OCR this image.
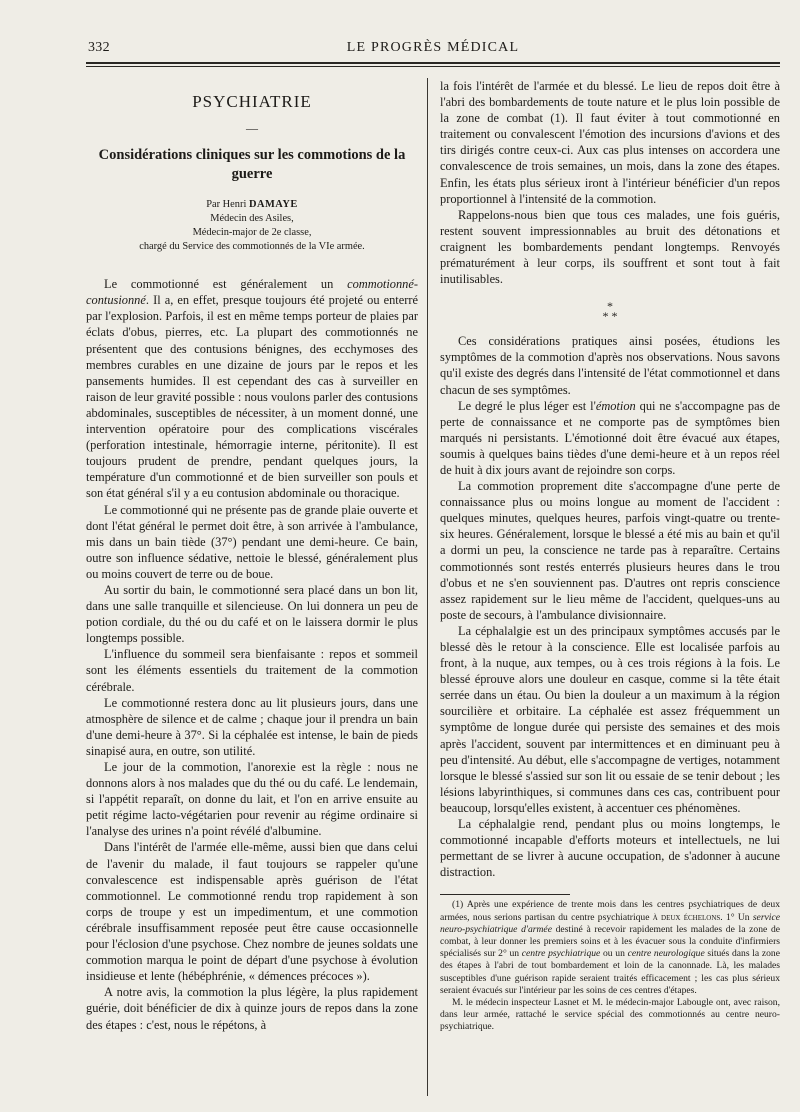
332	LE PROGRÈS MÉDICAL
PSYCHIATRIE
—
Considérations cliniques sur les commotions de la guerre
Par Henri DAMAYE
Médecin des Asiles,
Médecin-major de 2e classe,
chargé du Service des commotionnés de la VIe armée.

Le commotionné est généralement un commotionné-contusionné. Il a, en effet, presque toujours été projeté ou enterré par l'explosion. Parfois, il est en même temps porteur de plaies par éclats d'obus, pierres, etc. La plupart des commotionnés ne présentent que des contusions bénignes, des ecchymoses des membres curables en une dizaine de jours par le repos et les pansements humides. Il est cependant des cas à surveiller en raison de leur gravité possible : nous voulons parler des contusions abdominales, susceptibles de nécessiter, à un moment donné, une intervention opératoire pour des complications viscérales (perforation intestinale, hémorragie interne, péritonite). Il est toujours prudent de prendre, pendant quelques jours, la température d'un commotionné et de bien surveiller son pouls et son état général s'il y a eu contusion abdominale ou thoracique.

Le commotionné qui ne présente pas de grande plaie ouverte et dont l'état général le permet doit être, à son arrivée à l'ambulance, mis dans un bain tiède (37°) pendant une demi-heure. Ce bain, outre son influence sédative, nettoie le blessé, généralement plus ou moins couvert de terre ou de boue.

Au sortir du bain, le commotionné sera placé dans un bon lit, dans une salle tranquille et silencieuse. On lui donnera un peu de potion cordiale, du thé ou du café et on le laissera dormir le plus longtemps possible.

L'influence du sommeil sera bienfaisante : repos et sommeil sont les éléments essentiels du traitement de la commotion cérébrale.

Le commotionné restera donc au lit plusieurs jours, dans une atmosphère de silence et de calme ; chaque jour il prendra un bain d'une demi-heure à 37°. Si la céphalée est intense, le bain de pieds sinapisé aura, en outre, son utilité.

Le jour de la commotion, l'anorexie est la règle : nous ne donnons alors à nos malades que du thé ou du café. Le lendemain, si l'appétit reparaît, on donne du lait, et l'on en arrive ensuite au petit régime lacto-végétarien pour revenir au régime ordinaire si l'analyse des urines n'a point révélé d'albumine.

Dans l'intérêt de l'armée elle-même, aussi bien que dans celui de l'avenir du malade, il faut toujours se rappeler qu'une convalescence est indispensable après guérison de l'état commotionnel. Le commotionné rendu trop rapidement à son corps de troupe y est un impedimentum, et une commotion cérébrale insuffisamment reposée peut être cause occasionnelle pour l'éclosion d'une psychose. Chez nombre de jeunes soldats une commotion marqua le point de départ d'une psychose à évolution insidieuse et lente (hébéphrénie, « démences précoces »).

A notre avis, la commotion la plus légère, la plus rapidement guérie, doit bénéficier de dix à quinze jours de repos dans la zone des étapes : c'est, nous le répétons, à

la fois l'intérêt de l'armée et du blessé. Le lieu de repos doit être à l'abri des bombardements de toute nature et le plus loin possible de la zone de combat (1). Il faut éviter à tout commotionné en traitement ou convalescent l'émotion des incursions d'avions et des tirs dirigés contre ceux-ci. Aux cas plus intenses on accordera une convalescence de trois semaines, un mois, dans la zone des étapes. Enfin, les états plus sérieux iront à l'intérieur bénéficier d'un repos proportionnel à l'intensité de la commotion.

Rappelons-nous bien que tous ces malades, une fois guéris, restent souvent impressionnables au bruit des détonations et craignent les bombardements pendant longtemps. Renvoyés prématurément à leur corps, ils souffrent et sont tout à fait inutilisables.

*
* *

Ces considérations pratiques ainsi posées, étudions les symptômes de la commotion d'après nos observations. Nous savons qu'il existe des degrés dans l'intensité de l'état commotionnel et dans chacun de ses symptômes.

Le degré le plus léger est l'émotion qui ne s'accompagne pas de perte de connaissance et ne comporte pas de symptômes bien marqués ni persistants. L'émotionné doit être évacué aux étapes, soumis à quelques bains tièdes d'une demi-heure et à un repos réel de huit à dix jours avant de rejoindre son corps.

La commotion proprement dite s'accompagne d'une perte de connaissance plus ou moins longue au moment de l'accident : quelques minutes, quelques heures, parfois vingt-quatre ou trente-six heures. Généralement, lorsque le blessé a été mis au bain et qu'il a dormi un peu, la conscience ne tarde pas à reparaître. Certains commotionnés sont restés enterrés plusieurs heures dans le trou d'obus et ne s'en souviennent pas. D'autres ont repris conscience assez rapidement sur le lieu même de l'accident, quelques-uns au poste de secours, à l'ambulance divisionnaire.

La céphalalgie est un des principaux symptômes accusés par le blessé dès le retour à la conscience. Elle est localisée parfois au front, à la nuque, aux tempes, ou à ces trois régions à la fois. Le blessé éprouve alors une douleur en casque, comme si la tête était serrée dans un étau. Ou bien la douleur a un maximum à la région sourcilière et orbitaire. La céphalée est assez fréquemment un symptôme de longue durée qui persiste des semaines et des mois après l'accident, souvent par intermittences et en diminuant peu à peu d'intensité. Au début, elle s'accompagne de vertiges, notamment lorsque le blessé s'assied sur son lit ou essaie de se tenir debout ; les lésions labyrinthiques, si communes dans ces cas, contribuent pour beaucoup, lorsqu'elles existent, à accentuer ces phénomènes.

La céphalalgie rend, pendant plus ou moins longtemps, le commotionné incapable d'efforts moteurs et intellectuels, ne lui permettant de se livrer à aucune occupation, de s'adonner à aucune distraction.

(1) Après une expérience de trente mois dans les centres psychiatriques de deux armées, nous serions partisan du centre psychiatrique à deux échelons. 1° Un service neuro-psychiatrique d'armée destiné à recevoir rapidement les malades de la zone de combat, à leur donner les premiers soins et à les évacuer sous la conduite d'infirmiers spécialisés sur 2° un centre psychiatrique ou un centre neurologique situés dans la zone des étapes à l'abri de tout bombardement et loin de la canonnade. Là, les malades susceptibles d'une guérison rapide seraient traités efficacement ; les cas plus sérieux seraient évacués sur l'intérieur par les soins de ces centres d'étapes.

M. le médecin inspecteur Lasnet et M. le médecin-major Labougle ont, avec raison, dans leur armée, rattaché le service spécial des commotionnés au centre neuro-psychiatrique.
